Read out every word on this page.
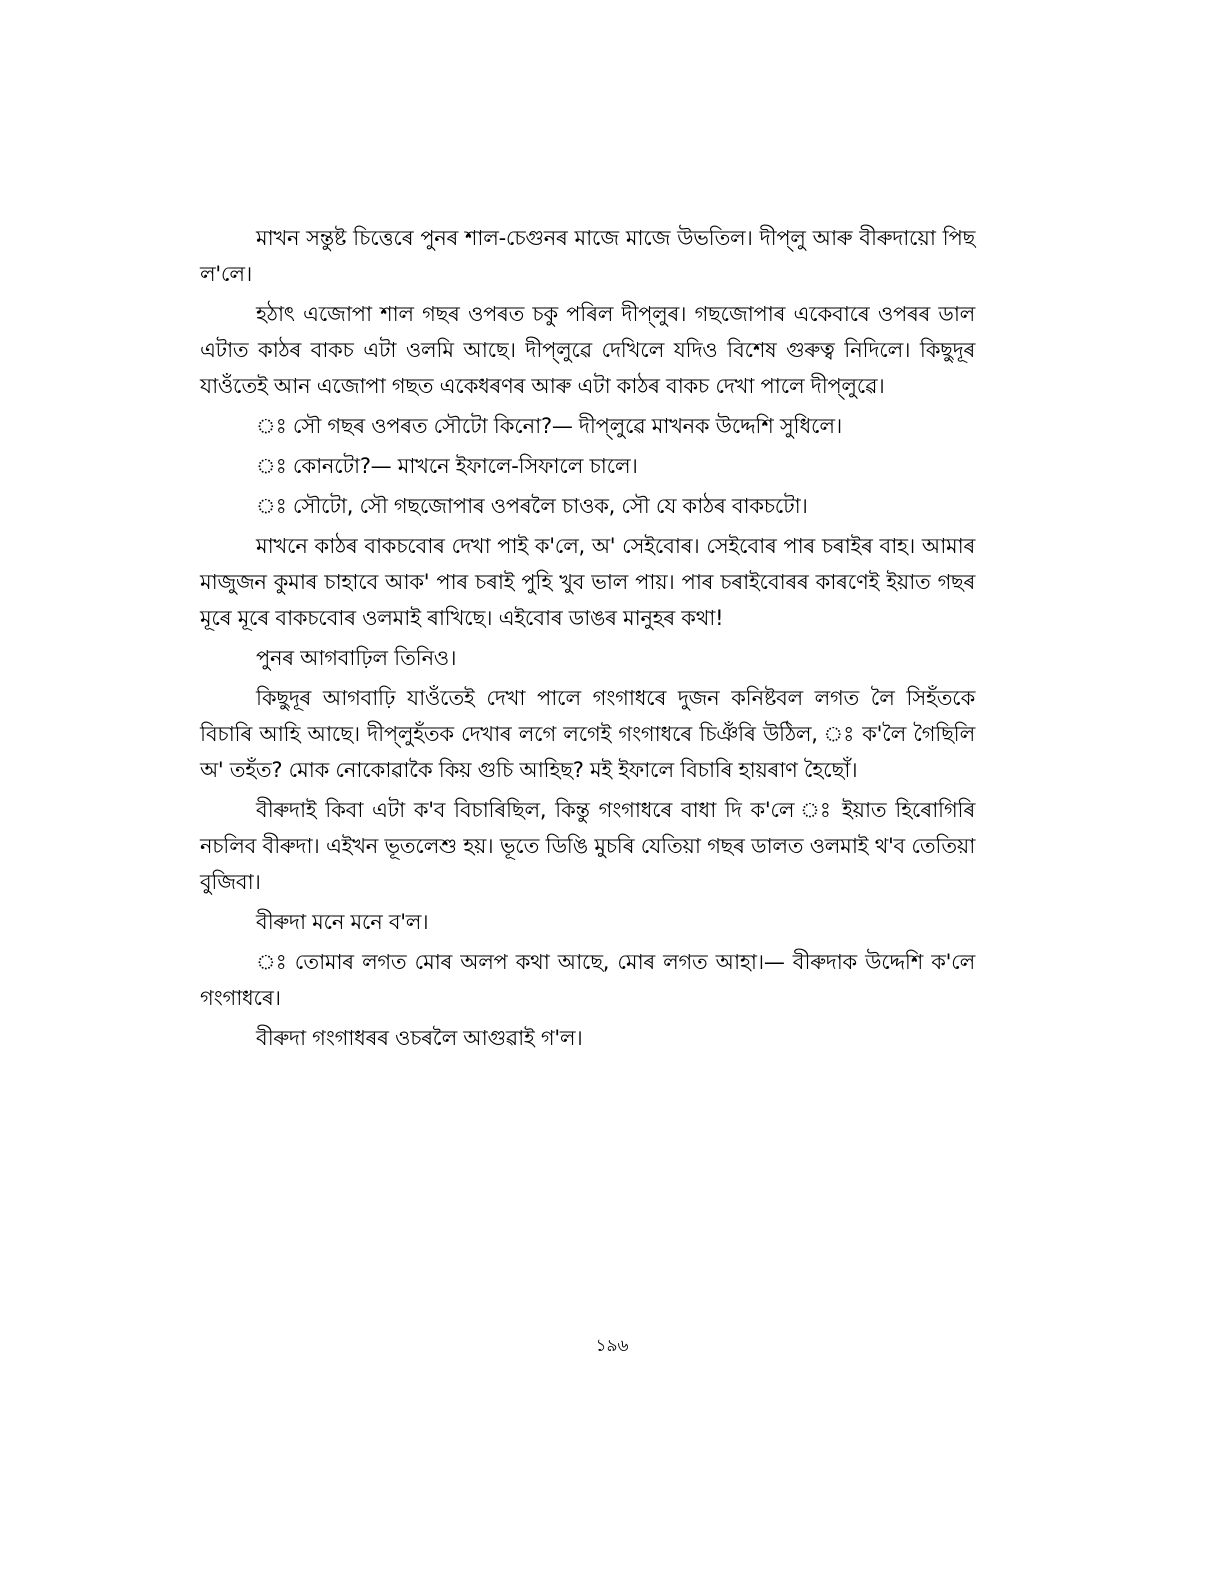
মাখন সন্তুষ্ট চিত্তেৰে পুনৰ শাল-চেগুনৰ মাজে মাজে উভতিল। দীপ্‌লু আৰু বীৰুদায়ো পিছ ল'লে।

হঠাৎ এজোপা শাল গছৰ ওপৰত চকু পৰিল দীপ্‌লুৰ। গছজোপাৰ একেবাৰে ওপৰৰ ডাল এটাত কাঠৰ বাকচ এটা ওলমি আছে। দীপ্‌লুৱে দেখিলে যদিও বিশেষ গুৰুত্ব নিদিলে। কিছুদূৰ যাওঁতেই আন এজোপা গছত একেধৰণৰ আৰু এটা কাঠৰ বাকচ দেখা পালে দীপ্‌লুৱে।

ঃ সৌ গছৰ ওপৰত সৌটো কিনো?— দীপ্‌লুৱে মাখনক উদ্দেশি সুধিলে।

ঃ কোনটো?— মাখনে ইফালে-সিফালে চালে।

ঃ সৌটো, সৌ গছজোপাৰ ওপৰলৈ চাওক, সৌ যে কাঠৰ বাকচটো।

মাখনে কাঠৰ বাকচবোৰ দেখা পাই ক'লে, অ' সেইবোৰ। সেইবোৰ পাৰ চৰাইৰ বাহ। আমাৰ মাজুজন কুমাৰ চাহাবে আক' পাৰ চৰাই পুহি খুব ভাল পায়। পাৰ চৰাইবোৰৰ কাৰণেই ইয়াত গছৰ মূৰে মূৰে বাকচবোৰ ওলমাই ৰাখিছে। এইবোৰ ডাঙৰ মানুহৰ কথা!

পুনৰ আগবাঢ়িল তিনিও।

কিছুদূৰ আগবাঢ়ি যাওঁতেই দেখা পালে গংগাধৰে দুজন কনিষ্টবল লগত লৈ সিহঁতকে বিচাৰি আহি আছে। দীপ্‌লুহঁতক দেখাৰ লগে লগেই গংগাধৰে চিঞঁৰি উঠিল, ঃ ক'লৈ গৈছিলি অ' তহঁত? মোক নোকোৱাকৈ কিয় গুচি আহিছ? মই ইফালে বিচাৰি হায়ৰাণ হৈছোঁ।

বীৰুদাই কিবা এটা ক'ব বিচাৰিছিল, কিন্তু গংগাধৰে বাধা দি ক'লে ঃ ইয়াত হিৰোগিৰি নচলিব বীৰুদা। এইখন ভূতলেশু হয়। ভূতে ডিঙি মুচৰি যেতিয়া গছৰ ডালত ওলমাই থ'ব তেতিয়া বুজিবা।

বীৰুদা মনে মনে ব'ল।

ঃ তোমাৰ লগত মোৰ অলপ কথা আছে, মোৰ লগত আহা।— বীৰুদাক উদ্দেশি ক'লে গংগাধৰে।

বীৰুদা গংগাধৰৰ ওচৰলৈ আগুৱাই গ'ল।

১৯৬
